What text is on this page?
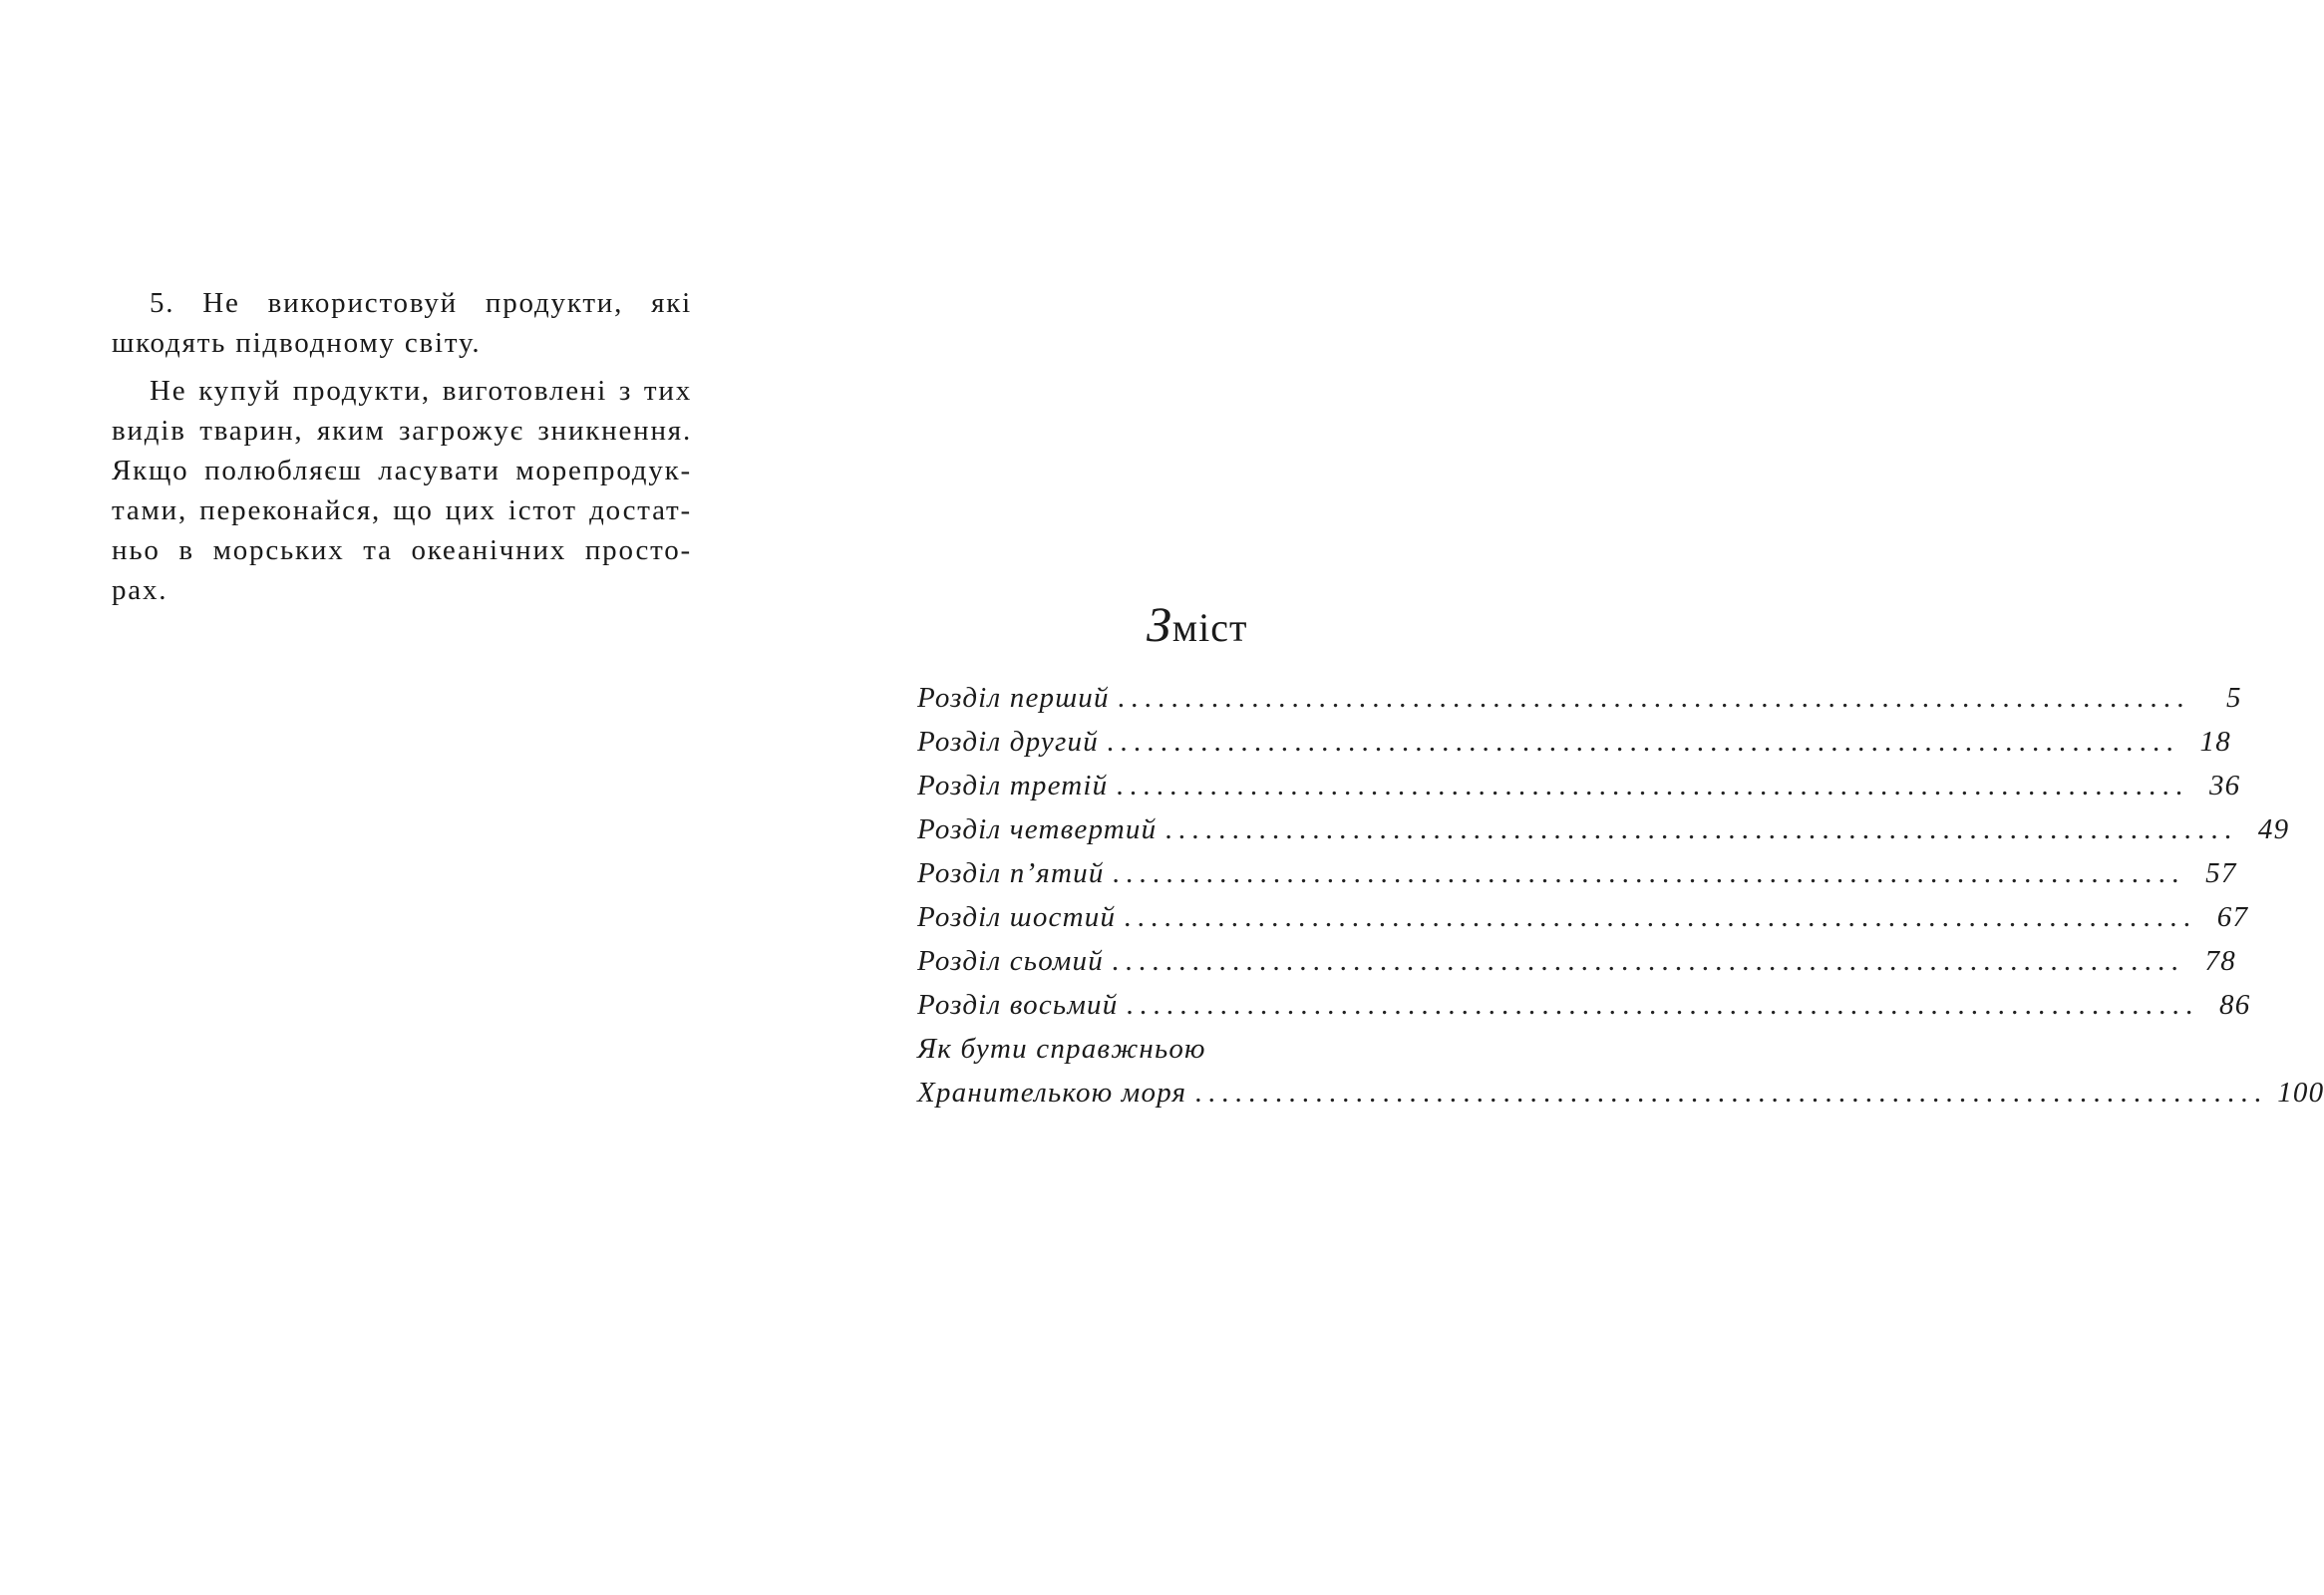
5. Не використовуй продукти, які
шкодять підводному світу.

Не купуй продукти, виготовлені з тих
видів тварин, яким загрожує зникнення.
Якщо полюбляєш ласувати морепродук-
тами, переконайся, що цих істот достат-
ньо в морських та океанічних просто-
рах.

Зміст
Розділ перший ................................................................................	5
Розділ другий ................................................................................ 18
Розділ третій ................................................................................ 36
Розділ четвертий ................................................................................ 49
Розділ п’ятий ................................................................................ 57
Розділ шостий ................................................................................ 67
Розділ сьомий ................................................................................ 78
Розділ восьмий ................................................................................ 86
Як бути справжньою
Хранителькою моря ................................................................................ 100
